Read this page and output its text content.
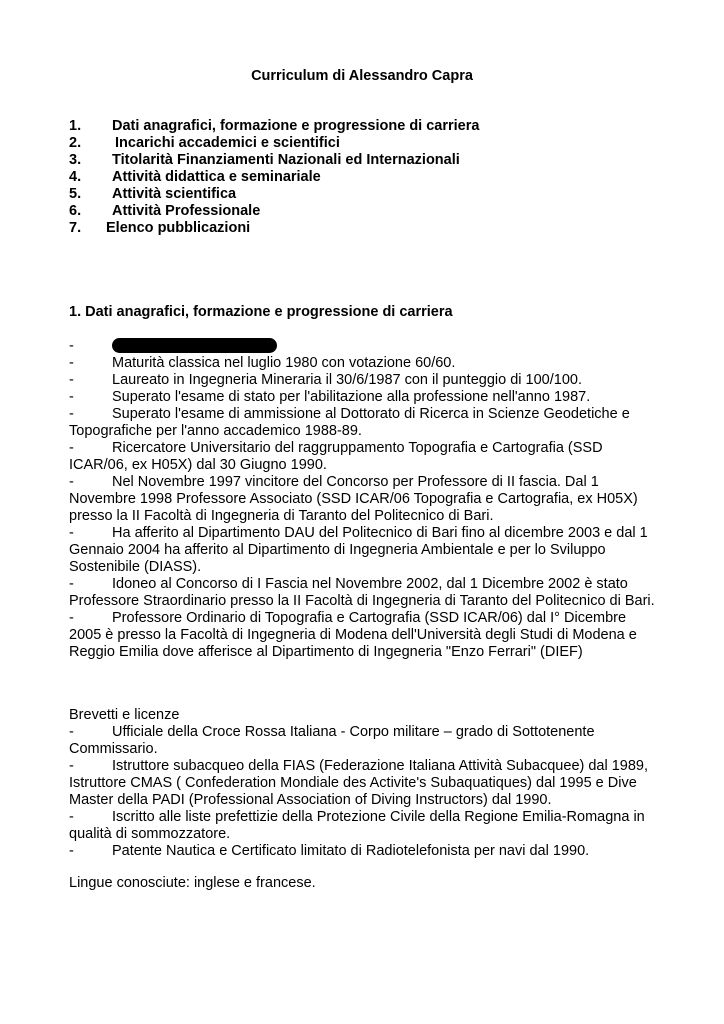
Curriculum di Alessandro Capra
1. Dati anagrafici, formazione e progressione di carriera
2. Incarichi accademici e scientifici
3. Titolarità Finanziamenti Nazionali ed Internazionali
4. Attività didattica e seminariale
5. Attività scientifica
6. Attività Professionale
7. Elenco pubblicazioni
1. Dati anagrafici, formazione e progressione di carriera
-
-	Maturità classica nel luglio 1980 con votazione 60/60.
-	Laureato in Ingegneria Mineraria il 30/6/1987 con il punteggio di 100/100.
-	Superato l'esame di stato per l'abilitazione alla professione nell'anno 1987.
-	Superato l'esame di ammissione al Dottorato di Ricerca in Scienze Geodetiche e Topografiche per l'anno accademico 1988-89.
-	Ricercatore Universitario del raggruppamento Topografia e Cartografia (SSD ICAR/06, ex H05X) dal 30 Giugno 1990.
-	Nel Novembre 1997 vincitore del Concorso per Professore di II fascia. Dal 1 Novembre 1998 Professore Associato (SSD ICAR/06 Topografia e Cartografia, ex H05X) presso la II Facoltà di Ingegneria di Taranto del Politecnico di Bari.
-	Ha afferito al Dipartimento DAU del Politecnico di Bari fino al dicembre 2003 e dal 1 Gennaio 2004 ha afferito al Dipartimento di Ingegneria Ambientale e per lo Sviluppo Sostenibile (DIASS).
-	Idoneo al Concorso di I Fascia nel Novembre 2002, dal 1 Dicembre 2002 è stato Professore Straordinario presso la II Facoltà di Ingegneria di Taranto del Politecnico di Bari.
-	Professore Ordinario di Topografia e Cartografia (SSD ICAR/06) dal I° Dicembre 2005 è presso la Facoltà di Ingegneria di Modena dell'Università degli Studi di Modena e Reggio Emilia dove afferisce al Dipartimento di Ingegneria "Enzo Ferrari" (DIEF)
Brevetti e licenze
-	Ufficiale della Croce Rossa Italiana - Corpo militare – grado di Sottotenente Commissario.
-	Istruttore subacqueo della FIAS (Federazione Italiana Attività Subacquee) dal 1989, Istruttore CMAS ( Confederation Mondiale des Activite's Subaquatiques) dal 1995 e Dive Master della PADI (Professional Association of Diving Instructors) dal 1990.
-	Iscritto alle liste prefettizie della Protezione Civile della Regione Emilia-Romagna in qualità di sommozzatore.
-	Patente Nautica e Certificato limitato di Radiotelefonista per navi dal 1990.
Lingue conosciute: inglese e francese.
